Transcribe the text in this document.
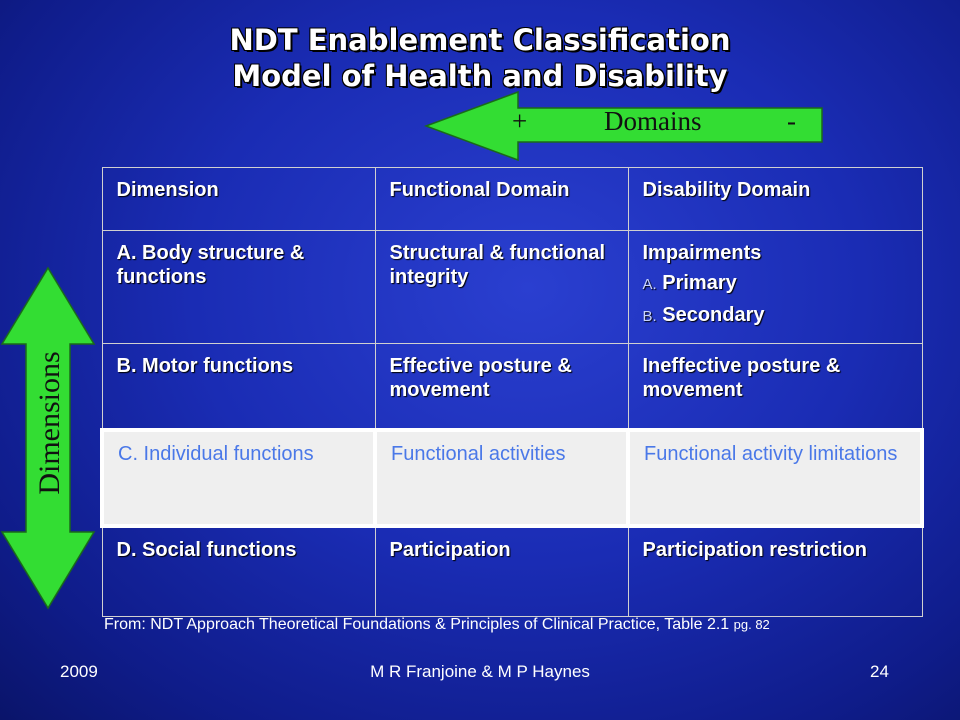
NDT Enablement Classification
Model of Health and Disability
+	Domains	-
Dimensions
Dimension	Functional Domain	Disability Domain
A. Body structure & functions	Structural & functional integrity	Impairments
A. Primary
B. Secondary

B. Motor functions	Effective posture & movement	Ineffective posture & movement
C. Individual functions	Functional activities	Functional activity limitations
D. Social functions	Participation	Participation restriction
From: NDT Approach Theoretical Foundations & Principles of Clinical Practice, Table 2.1 pg. 82
2009	M R Franjoine & M P Haynes	24
